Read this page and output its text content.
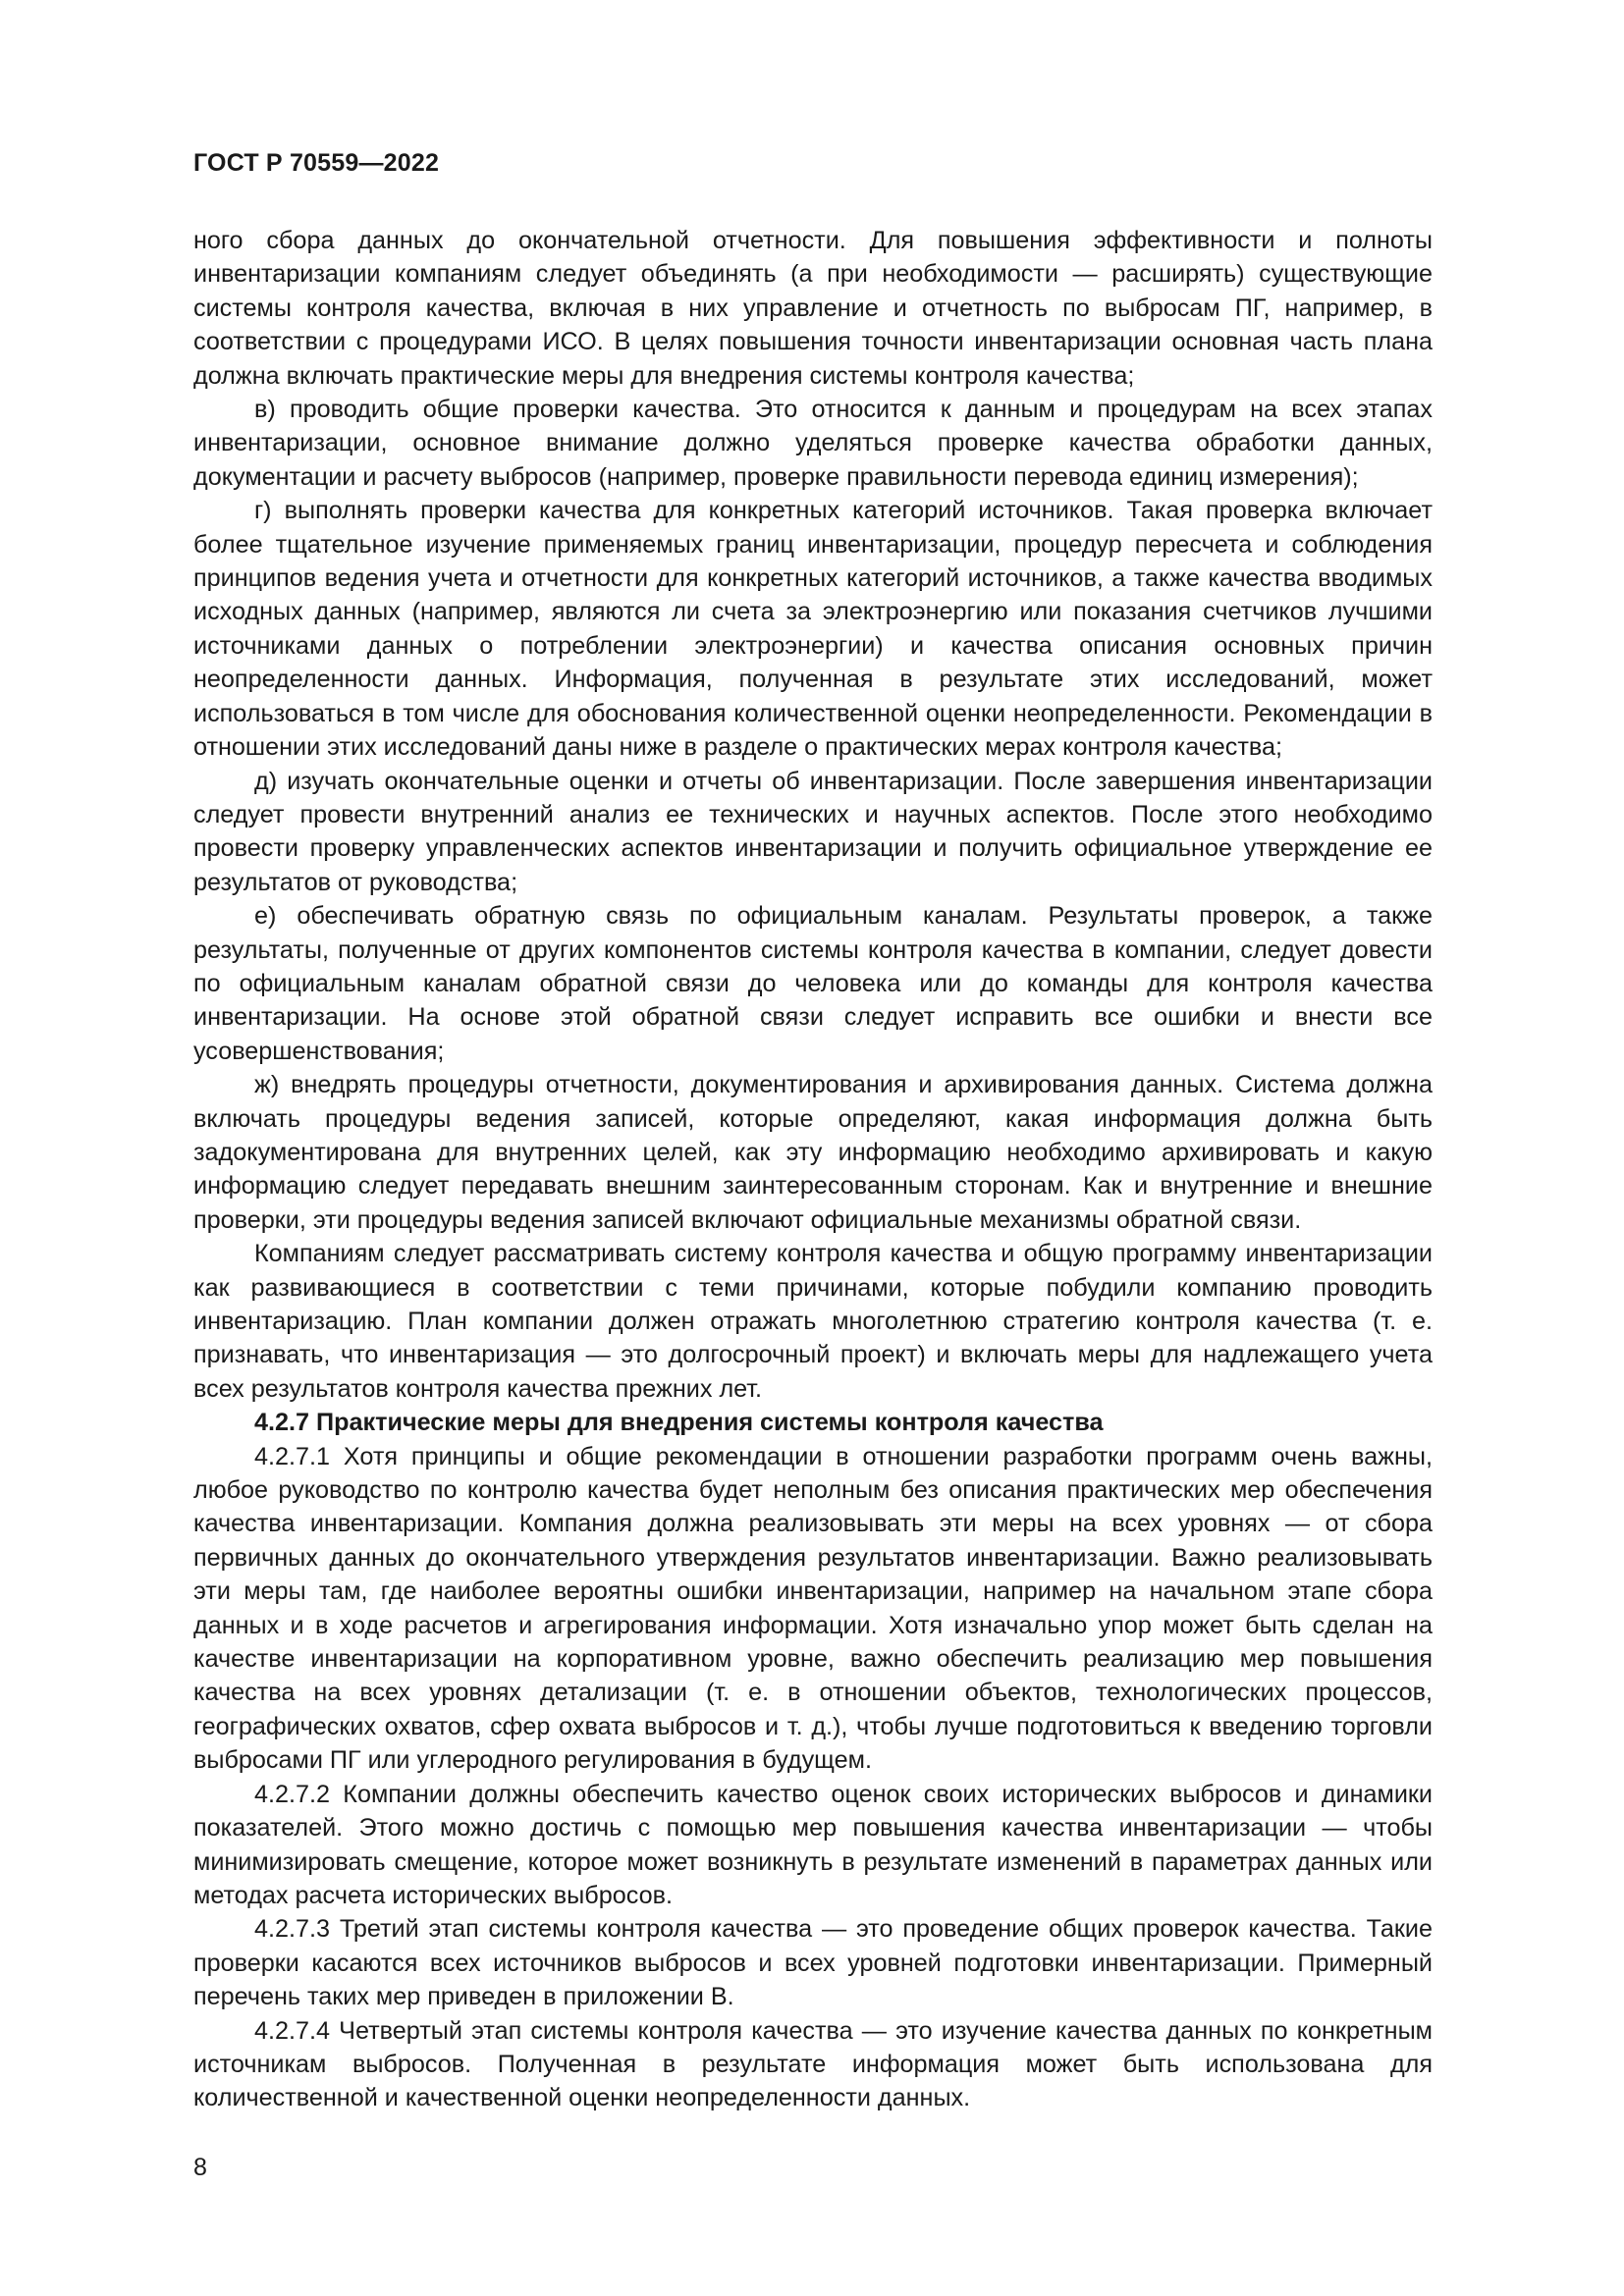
ГОСТ Р 70559—2022

ного сбора данных до окончательной отчетности. Для повышения эффективности и полноты инвентаризации компаниям следует объединять (а при необходимости — расширять) существующие системы контроля качества, включая в них управление и отчетность по выбросам ПГ, например, в соответствии с процедурами ИСО. В целях повышения точности инвентаризации основная часть плана должна включать практические меры для внедрения системы контроля качества;

в) проводить общие проверки качества. Это относится к данным и процедурам на всех этапах инвентаризации, основное внимание должно уделяться проверке качества обработки данных, документации и расчету выбросов (например, проверке правильности перевода единиц измерения);

г) выполнять проверки качества для конкретных категорий источников. Такая проверка включает более тщательное изучение применяемых границ инвентаризации, процедур пересчета и соблюдения принципов ведения учета и отчетности для конкретных категорий источников, а также качества вводимых исходных данных (например, являются ли счета за электроэнергию или показания счетчиков лучшими источниками данных о потреблении электроэнергии) и качества описания основных причин неопределенности данных. Информация, полученная в результате этих исследований, может использоваться в том числе для обоснования количественной оценки неопределенности. Рекомендации в отношении этих исследований даны ниже в разделе о практических мерах контроля качества;

д) изучать окончательные оценки и отчеты об инвентаризации. После завершения инвентаризации следует провести внутренний анализ ее технических и научных аспектов. После этого необходимо провести проверку управленческих аспектов инвентаризации и получить официальное утверждение ее результатов от руководства;

е) обеспечивать обратную связь по официальным каналам. Результаты проверок, а также результаты, полученные от других компонентов системы контроля качества в компании, следует довести по официальным каналам обратной связи до человека или до команды для контроля качества инвентаризации. На основе этой обратной связи следует исправить все ошибки и внести все усовершенствования;

ж) внедрять процедуры отчетности, документирования и архивирования данных. Система должна включать процедуры ведения записей, которые определяют, какая информация должна быть задокументирована для внутренних целей, как эту информацию необходимо архивировать и какую информацию следует передавать внешним заинтересованным сторонам. Как и внутренние и внешние проверки, эти процедуры ведения записей включают официальные механизмы обратной связи.

Компаниям следует рассматривать систему контроля качества и общую программу инвентаризации как развивающиеся в соответствии с теми причинами, которые побудили компанию проводить инвентаризацию. План компании должен отражать многолетнюю стратегию контроля качества (т. е. признавать, что инвентаризация — это долгосрочный проект) и включать меры для надлежащего учета всех результатов контроля качества прежних лет.

4.2.7 Практические меры для внедрения системы контроля качества

4.2.7.1 Хотя принципы и общие рекомендации в отношении разработки программ очень важны, любое руководство по контролю качества будет неполным без описания практических мер обеспечения качества инвентаризации. Компания должна реализовывать эти меры на всех уровнях — от сбора первичных данных до окончательного утверждения результатов инвентаризации. Важно реализовывать эти меры там, где наиболее вероятны ошибки инвентаризации, например на начальном этапе сбора данных и в ходе расчетов и агрегирования информации. Хотя изначально упор может быть сделан на качестве инвентаризации на корпоративном уровне, важно обеспечить реализацию мер повышения качества на всех уровнях детализации (т. е. в отношении объектов, технологических процессов, географических охватов, сфер охвата выбросов и т. д.), чтобы лучше подготовиться к введению торговли выбросами ПГ или углеродного регулирования в будущем.

4.2.7.2 Компании должны обеспечить качество оценок своих исторических выбросов и динамики показателей. Этого можно достичь с помощью мер повышения качества инвентаризации — чтобы минимизировать смещение, которое может возникнуть в результате изменений в параметрах данных или методах расчета исторических выбросов.

4.2.7.3 Третий этап системы контроля качества — это проведение общих проверок качества. Такие проверки касаются всех источников выбросов и всех уровней подготовки инвентаризации. Примерный перечень таких мер приведен в приложении В.

4.2.7.4 Четвертый этап системы контроля качества — это изучение качества данных по конкретным источникам выбросов. Полученная в результате информация может быть использована для количественной и качественной оценки неопределенности данных.

8
